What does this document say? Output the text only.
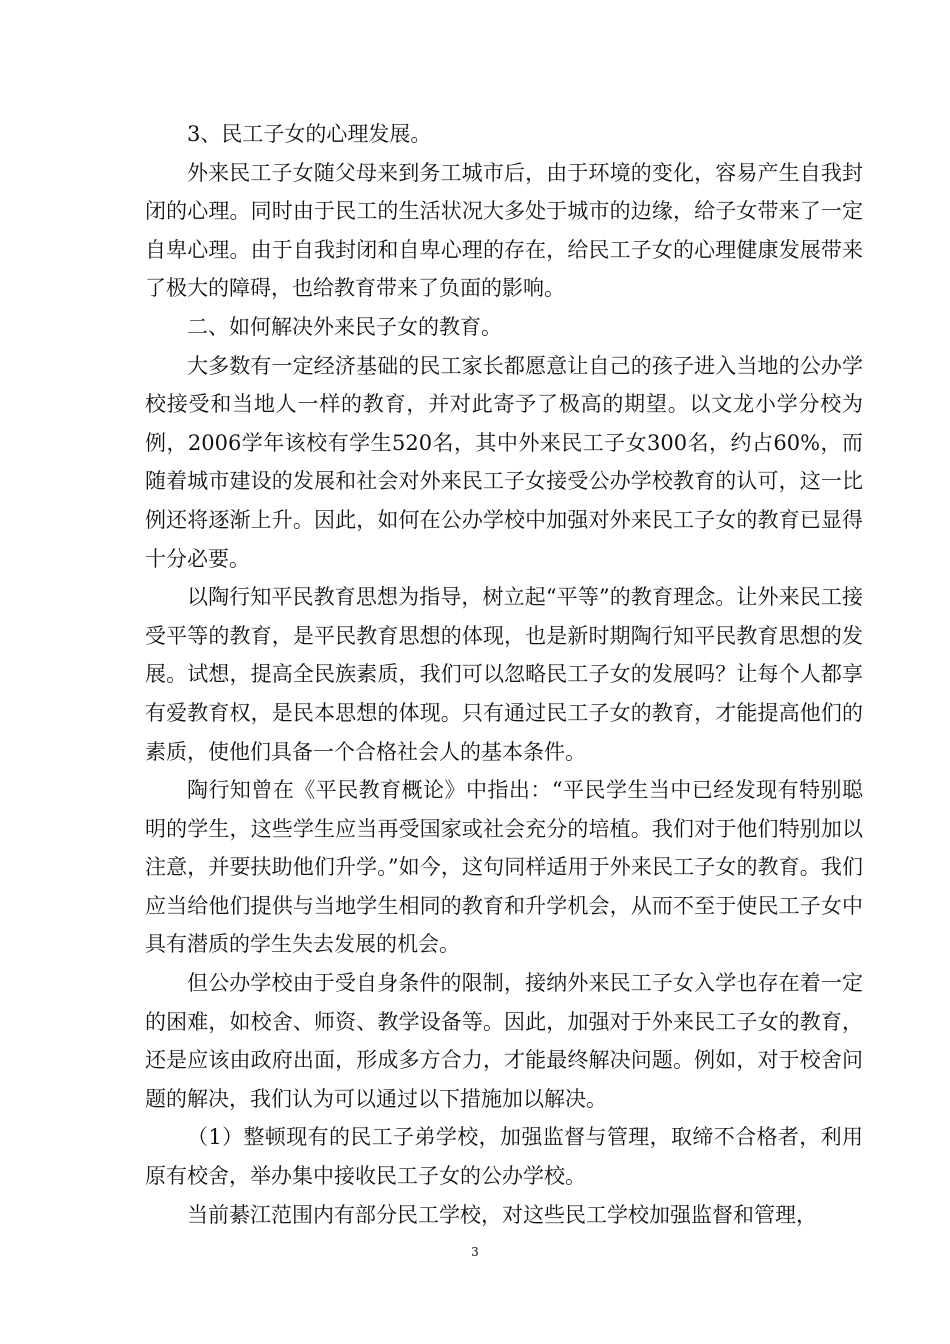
3、民工子女的心理发展。

外来民工子女随父母来到务工城市后，由于环境的变化，容易产生自我封闭的心理。同时由于民工的生活状况大多处于城市的边缘，给子女带来了一定自卑心理。由于自我封闭和自卑心理的存在，给民工子女的心理健康发展带来了极大的障碍，也给教育带来了负面的影响。

二、如何解决外来民子女的教育。

大多数有一定经济基础的民工家长都愿意让自己的孩子进入当地的公办学校接受和当地人一样的教育，并对此寄予了极高的期望。以文龙小学分校为例，2006学年该校有学生520名，其中外来民工子女300名，约占60%，而随着城市建设的发展和社会对外来民工子女接受公办学校教育的认可，这一比例还将逐渐上升。因此，如何在公办学校中加强对外来民工子女的教育已显得十分必要。

以陶行知平民教育思想为指导，树立起“平等”的教育理念。让外来民工接受平等的教育，是平民教育思想的体现，也是新时期陶行知平民教育思想的发展。试想，提高全民族素质，我们可以忽略民工子女的发展吗？让每个人都享有爱教育权，是民本思想的体现。只有通过民工子女的教育，才能提高他们的素质，使他们具备一个合格社会人的基本条件。

陶行知曾在《平民教育概论》中指出：“平民学生当中已经发现有特别聪明的学生，这些学生应当再受国家或社会充分的培植。我们对于他们特别加以注意，并要扶助他们升学。”如今，这句同样适用于外来民工子女的教育。我们应当给他们提供与当地学生相同的教育和升学机会，从而不至于使民工子女中具有潜质的学生失去发展的机会。

但公办学校由于受自身条件的限制，接纳外来民工子女入学也存在着一定的困难，如校舍、师资、教学设备等。因此，加强对于外来民工子女的教育，还是应该由政府出面，形成多方合力，才能最终解决问题。例如，对于校舍问题的解决，我们认为可以通过以下措施加以解决。

（1）整顿现有的民工子弟学校，加强监督与管理，取缔不合格者，利用原有校舍，举办集中接收民工子女的公办学校。

当前綦江范围内有部分民工学校，对这些民工学校加强监督和管理，

3
